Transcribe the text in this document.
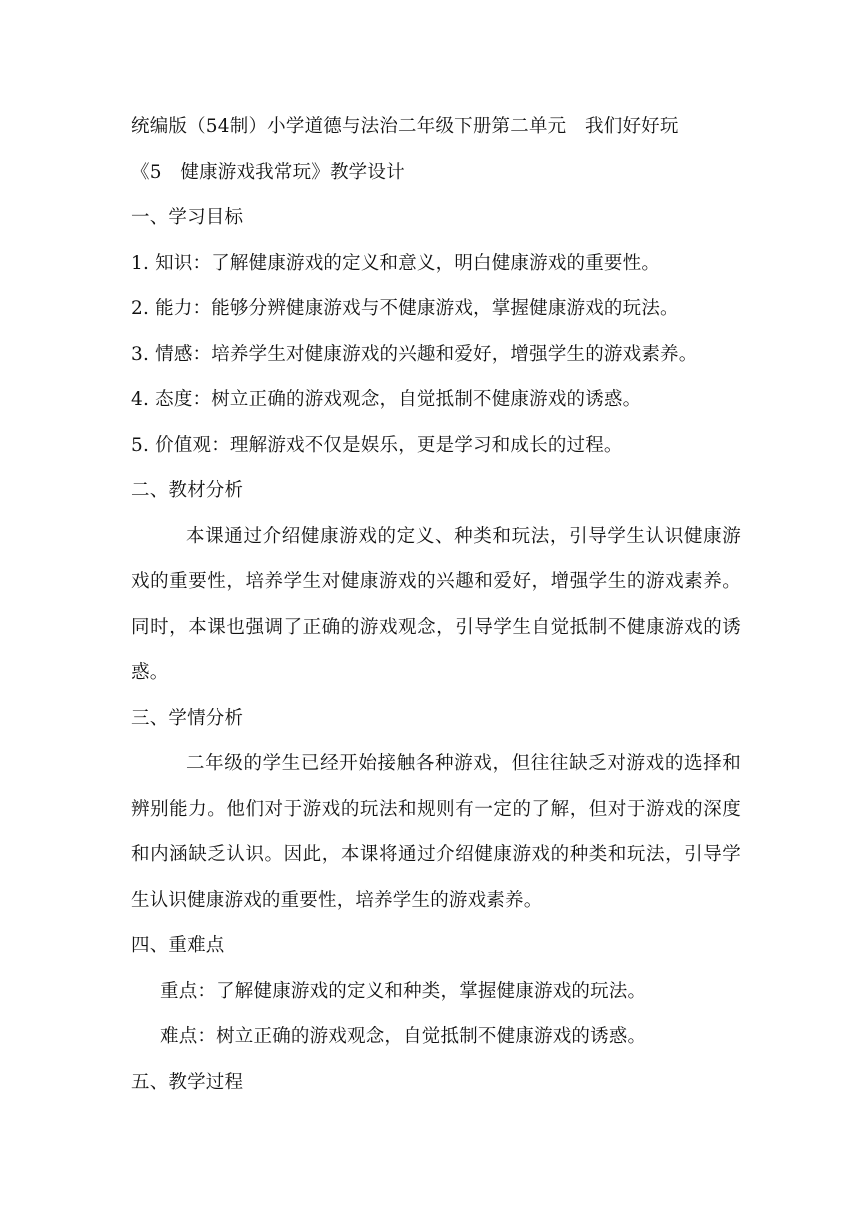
统编版（54制）小学道德与法治二年级下册第二单元　我们好好玩
《5　健康游戏我常玩》教学设计
一、学习目标
1. 知识：了解健康游戏的定义和意义，明白健康游戏的重要性。
2. 能力：能够分辨健康游戏与不健康游戏，掌握健康游戏的玩法。
3. 情感：培养学生对健康游戏的兴趣和爱好，增强学生的游戏素养。
4. 态度：树立正确的游戏观念，自觉抵制不健康游戏的诱惑。
5. 价值观：理解游戏不仅是娱乐，更是学习和成长的过程。
二、教材分析
本课通过介绍健康游戏的定义、种类和玩法，引导学生认识健康游戏的重要性，培养学生对健康游戏的兴趣和爱好，增强学生的游戏素养。同时，本课也强调了正确的游戏观念，引导学生自觉抵制不健康游戏的诱惑。
三、学情分析
二年级的学生已经开始接触各种游戏，但往往缺乏对游戏的选择和辨别能力。他们对于游戏的玩法和规则有一定的了解，但对于游戏的深度和内涵缺乏认识。因此，本课将通过介绍健康游戏的种类和玩法，引导学生认识健康游戏的重要性，培养学生的游戏素养。
四、重难点
重点：了解健康游戏的定义和种类，掌握健康游戏的玩法。
难点：树立正确的游戏观念，自觉抵制不健康游戏的诱惑。
五、教学过程
